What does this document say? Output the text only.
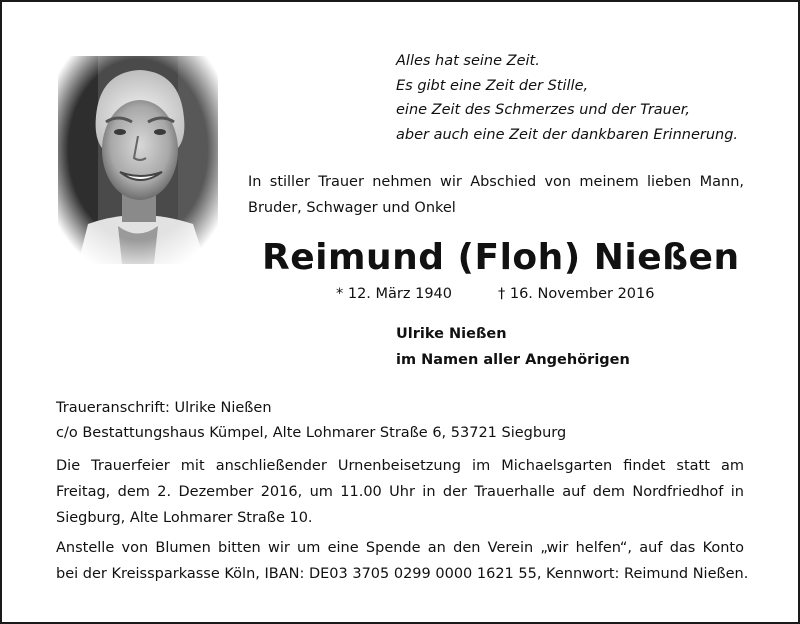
Alles hat seine Zeit.
Es gibt eine Zeit der Stille,
eine Zeit des Schmerzes und der Trauer,
aber auch eine Zeit der dankbaren Erinnerung.
In stiller Trauer nehmen wir Abschied von meinem lieben Mann,
Bruder, Schwager und Onkel
Reimund (Floh) Nießen
* 12. März 1940	† 16. November 2016
Ulrike Nießen
im Namen aller Angehörigen
Traueranschrift: Ulrike Nießen
c/o Bestattungshaus Kümpel, Alte Lohmarer Straße 6, 53721 Siegburg
Die Trauerfeier mit anschließender Urnenbeisetzung im Michaelsgarten findet statt am
Freitag, dem 2. Dezember 2016, um 11.00 Uhr in der Trauerhalle auf dem Nordfriedhof in
Siegburg, Alte Lohmarer Straße 10.
Anstelle von Blumen bitten wir um eine Spende an den Verein „wir helfen“, auf das Konto
bei der Kreissparkasse Köln, IBAN: DE03 3705 0299 0000 1621 55, Kennwort: Reimund Nießen.
